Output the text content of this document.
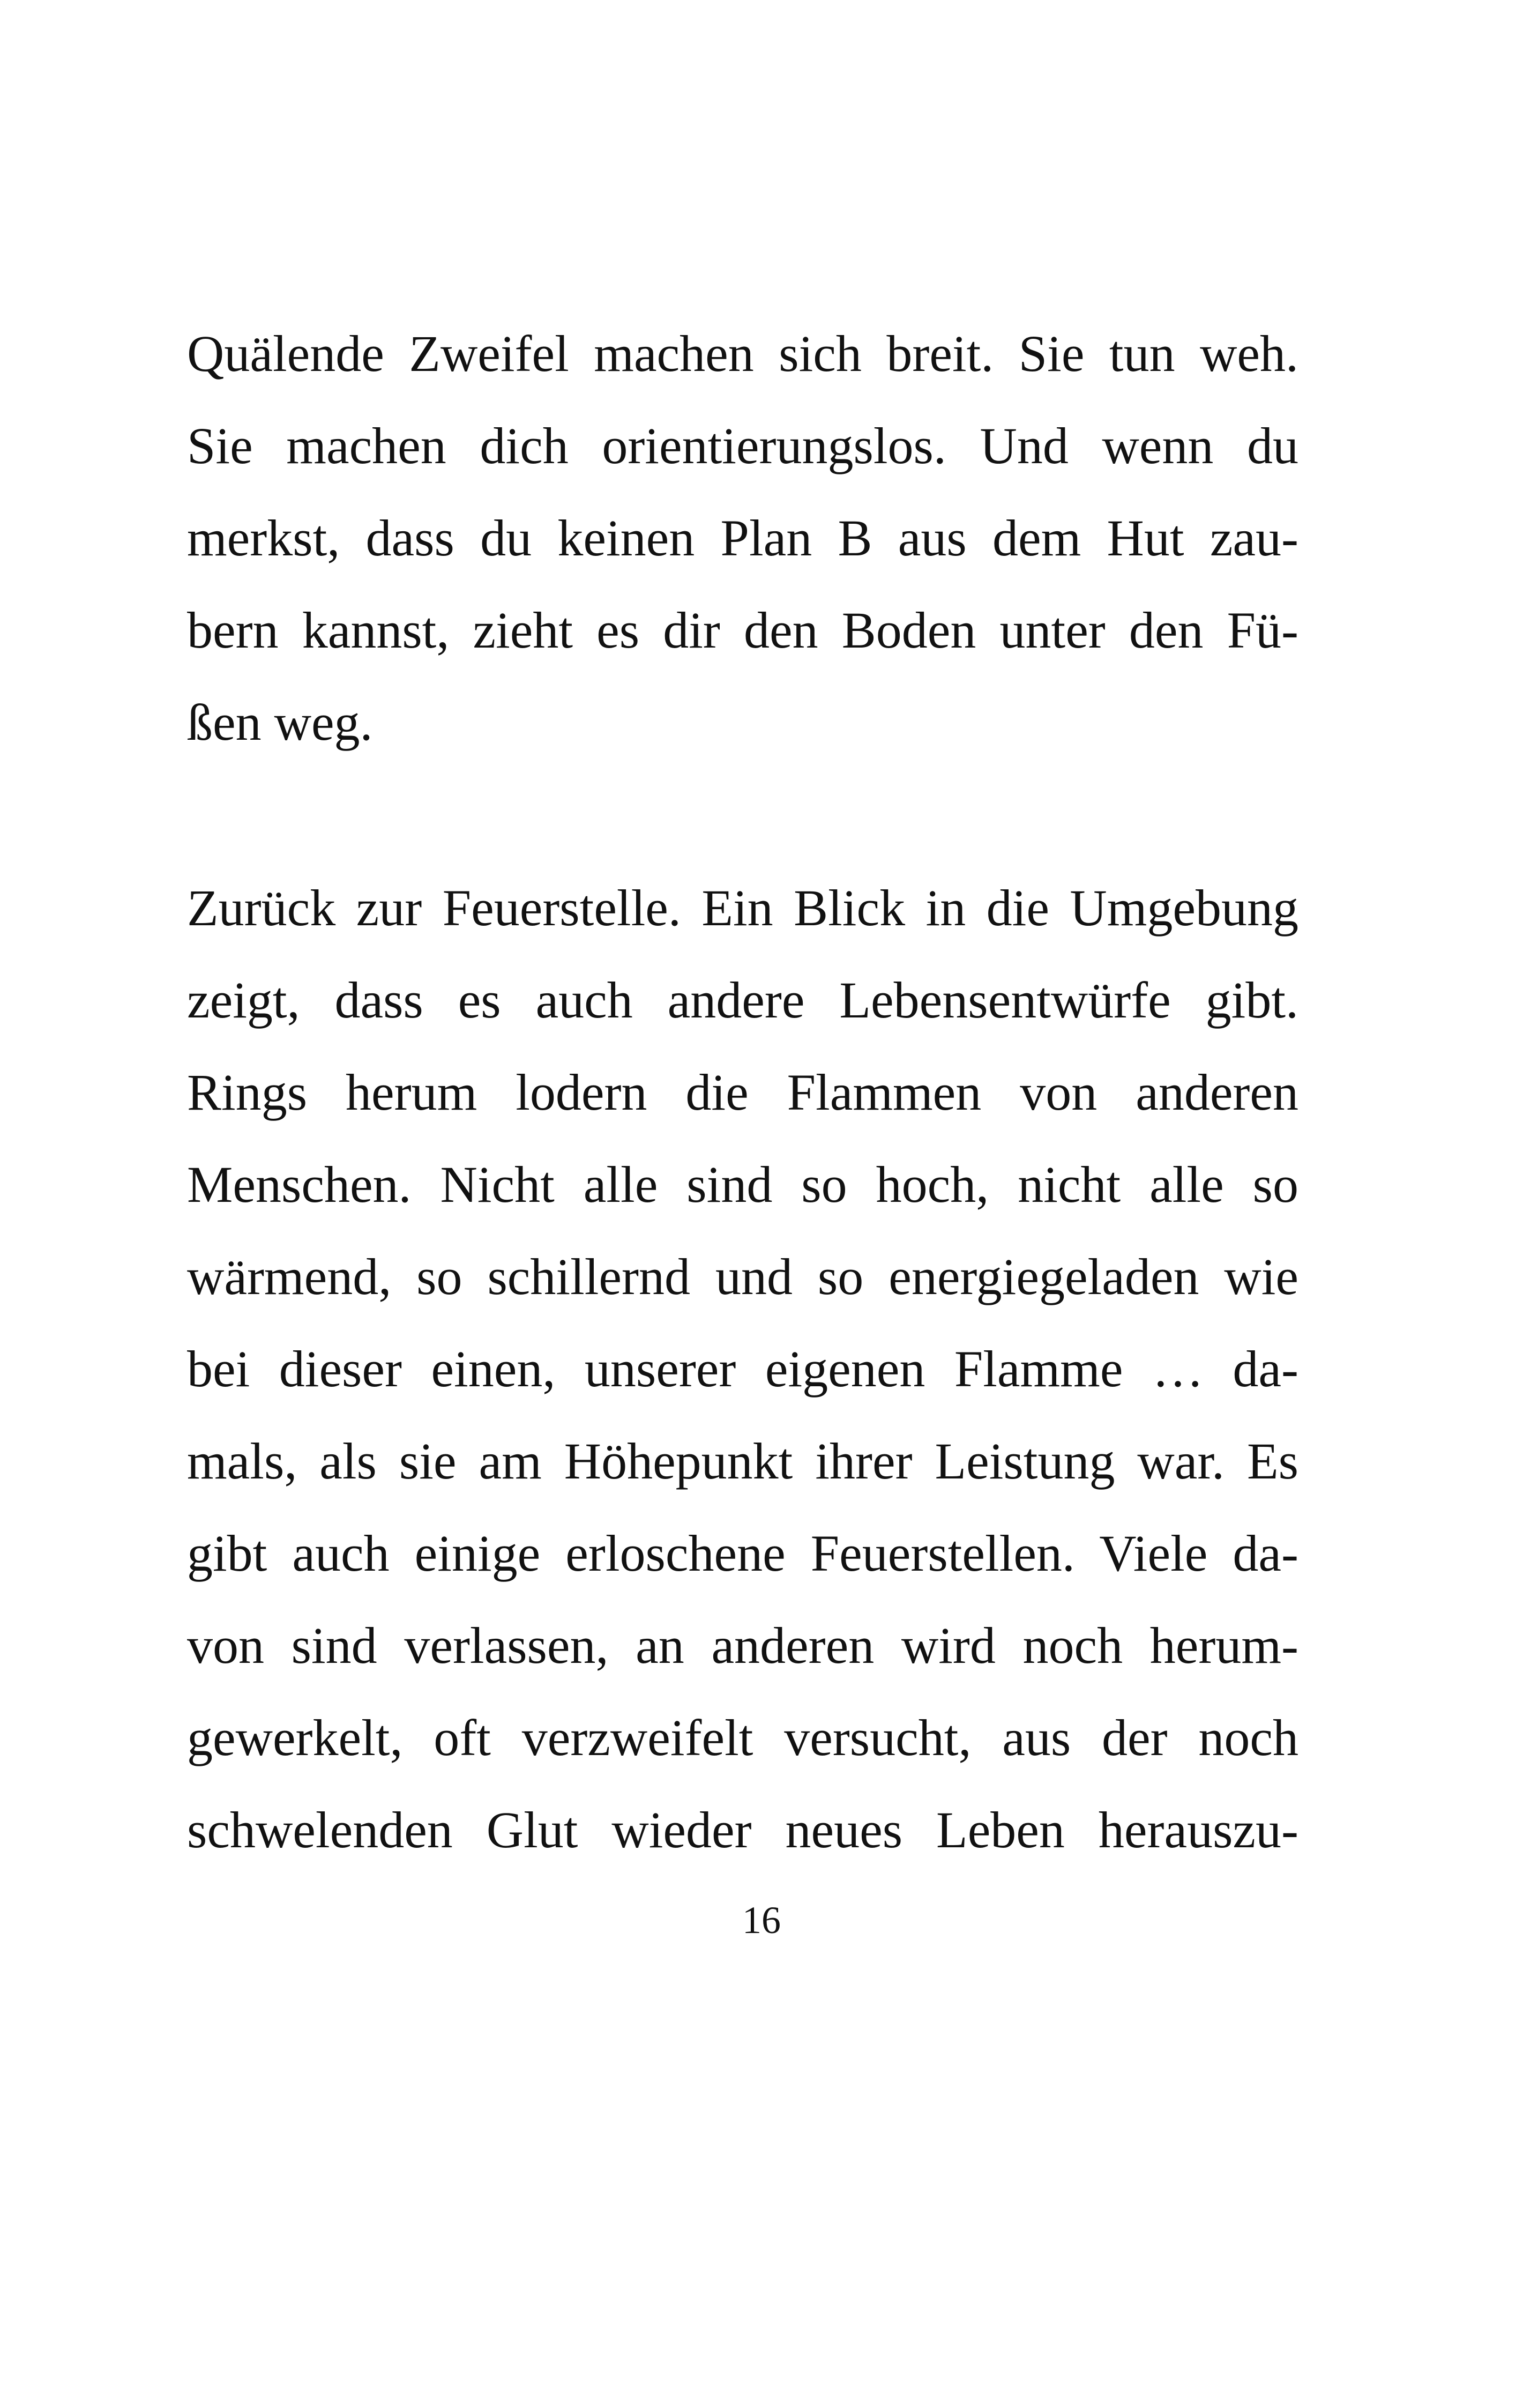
Quälende Zweifel machen sich breit. Sie tun weh.
Sie machen dich orientierungslos. Und wenn du
merkst, dass du keinen Plan B aus dem Hut zau-
bern kannst, zieht es dir den Boden unter den Fü-
ßen weg.
Zurück zur Feuerstelle. Ein Blick in die Umgebung
zeigt, dass es auch andere Lebensentwürfe gibt.
Rings herum lodern die Flammen von anderen
Menschen. Nicht alle sind so hoch, nicht alle so
wärmend, so schillernd und so energiegeladen wie
bei dieser einen, unserer eigenen Flamme … da-
mals, als sie am Höhepunkt ihrer Leistung war. Es
gibt auch einige erloschene Feuerstellen. Viele da-
von sind verlassen, an anderen wird noch herum-
gewerkelt, oft verzweifelt versucht, aus der noch
schwelenden Glut wieder neues Leben herauszu-
16
